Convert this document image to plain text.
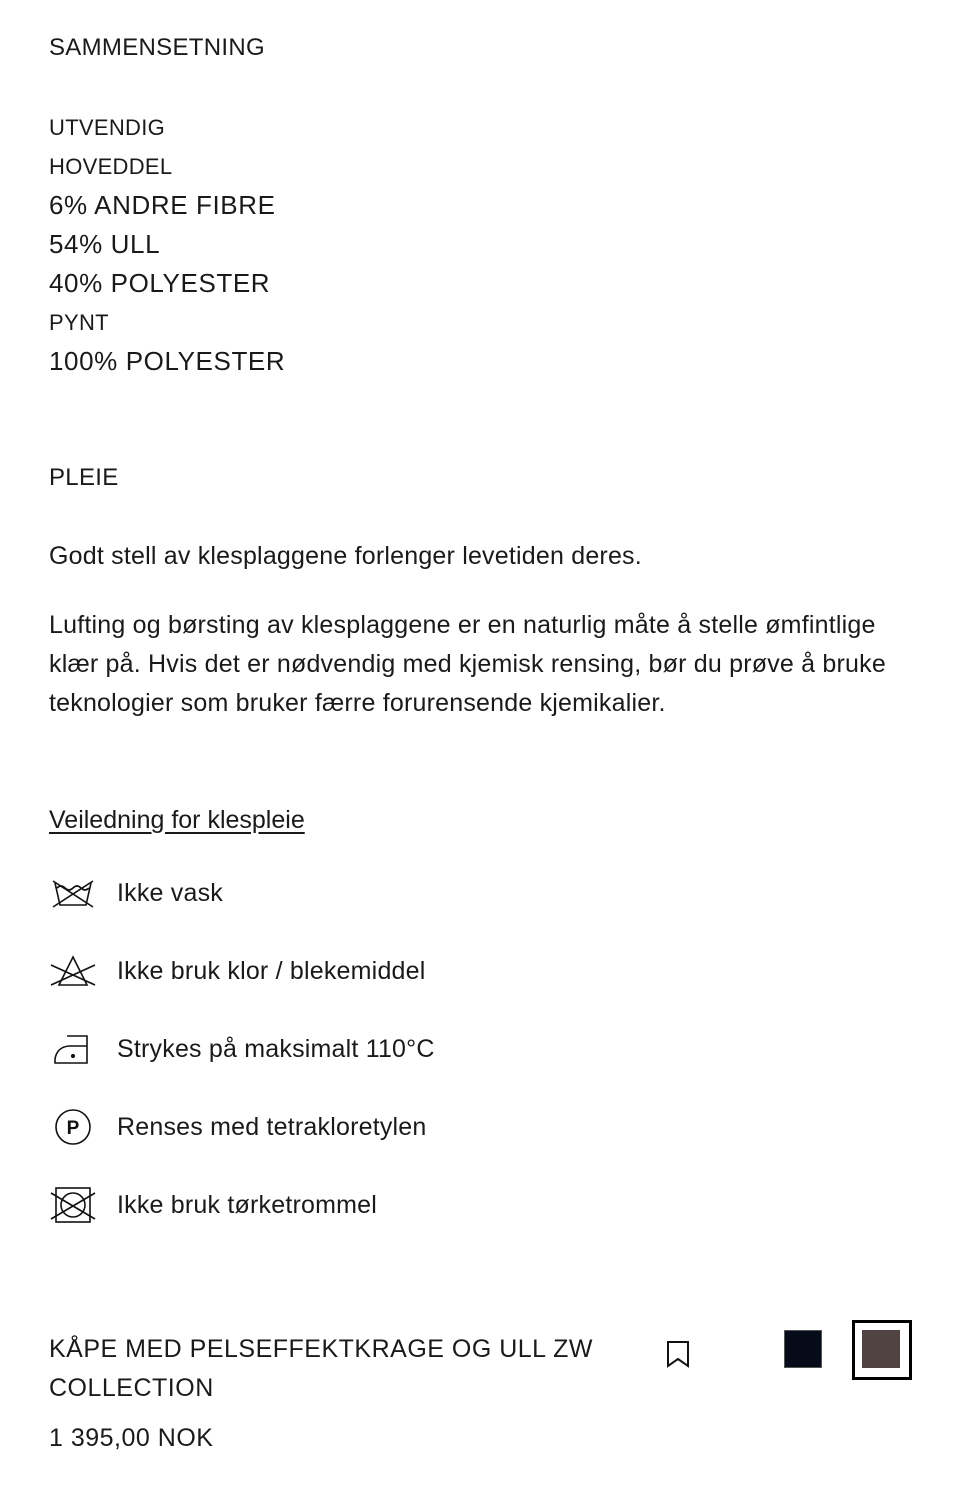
SAMMENSETNING
UTVENDIG
HOVEDDEL
6% ANDRE FIBRE
54% ULL
40% POLYESTER
PYNT
100% POLYESTER
PLEIE
Godt stell av klesplaggene forlenger levetiden deres.
Lufting og børsting av klesplaggene er en naturlig måte å stelle ømfintlige klær på. Hvis det er nødvendig med kjemisk rensing, bør du prøve å bruke teknologier som bruker færre forurensende kjemikalier.
Veiledning for klespleie
Ikke vask
Ikke bruk klor / blekemiddel
Strykes på maksimalt 110°C
P Renses med tetrakloretylen
Ikke bruk tørketrommel
KÅPE MED PELSEFFEKTKRAGE OG ULL ZW COLLECTION
1 395,00 NOK
